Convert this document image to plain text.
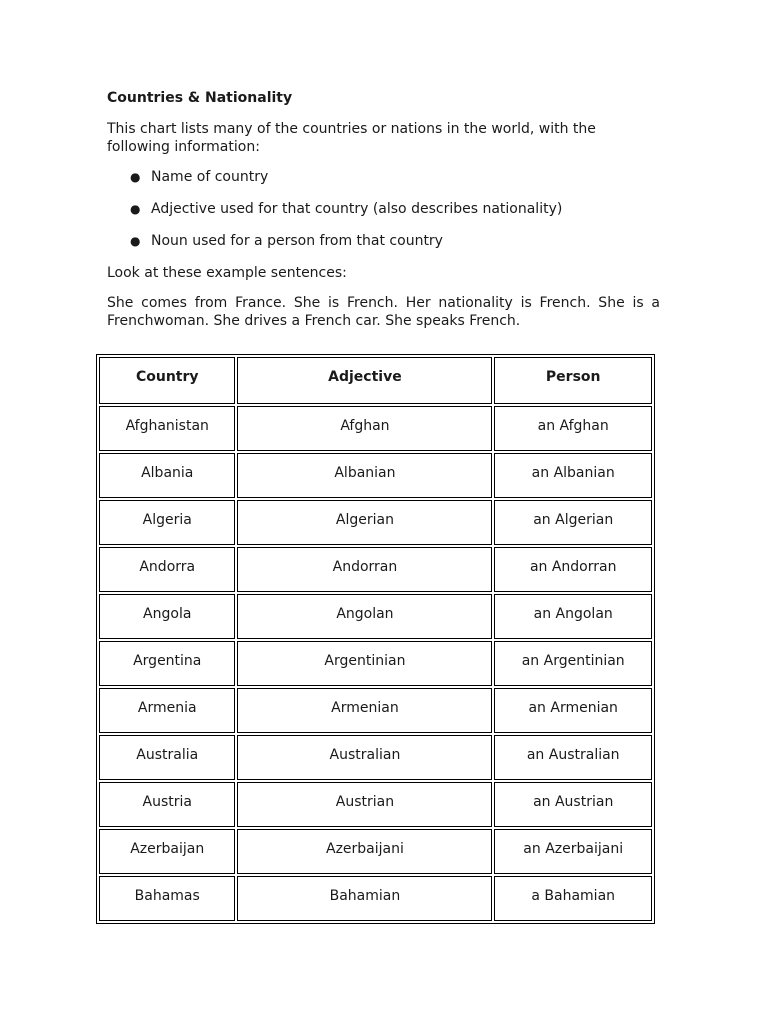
Countries & Nationality

This chart lists many of the countries or nations in the world, with the following information:

● Name of country
● Adjective used for that country (also describes nationality)
● Noun used for a person from that country

Look at these example sentences:

She comes from France. She is French. Her nationality is French. She is a Frenchwoman. She drives a French car. She speaks French.

Country	Adjective	Person
Afghanistan	Afghan	an Afghan
Albania	Albanian	an Albanian
Algeria	Algerian	an Algerian
Andorra	Andorran	an Andorran
Angola	Angolan	an Angolan
Argentina	Argentinian	an Argentinian
Armenia	Armenian	an Armenian
Australia	Australian	an Australian
Austria	Austrian	an Austrian
Azerbaijan	Azerbaijani	an Azerbaijani
Bahamas	Bahamian	a Bahamian
